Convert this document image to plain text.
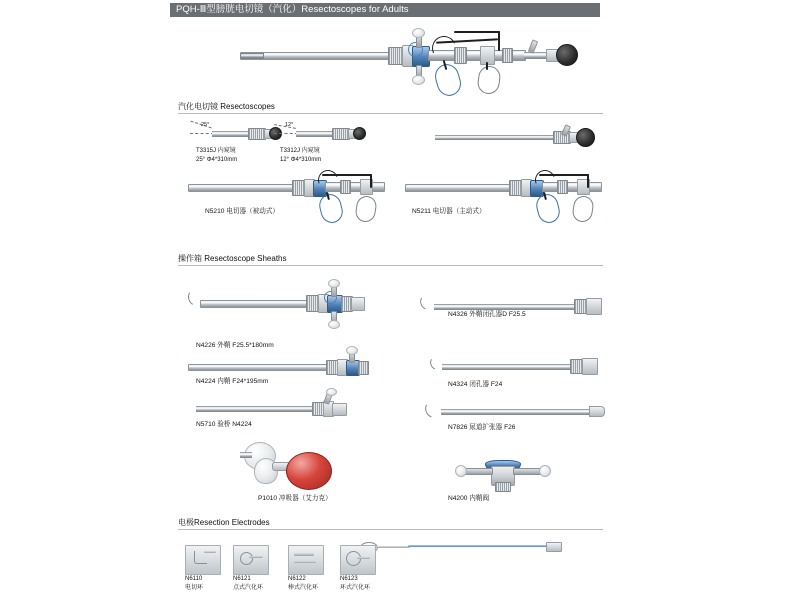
PQH-Ⅲ型膀胱电切镜（汽化）Resectoscopes for Adults
汽化电切镜 Resectoscopes
25°
T3315J 内窥镜
25° Φ4*310mm
12°
T3312J 内窥镜
12° Φ4*310mm
N5210 电切器（被动式）	N5211 电切器（主动式）
操作箱 Resectoscope Sheaths
N4226 外鞘 F25.5*180mm
N4326 外鞘闭孔器D F25.5
N4224 内鞘 F24*195mm	N4324 闭孔器 F24
N5710 验桥 N4224	N7826 尿道扩张器 F26
P1010 冲吸器（艾力克）	N4200 内鞘阀
电极Resection Electrodes
N6110
电切环
N6121
点式汽化环
N6122
棒式汽化环
N6123
环式汽化环
